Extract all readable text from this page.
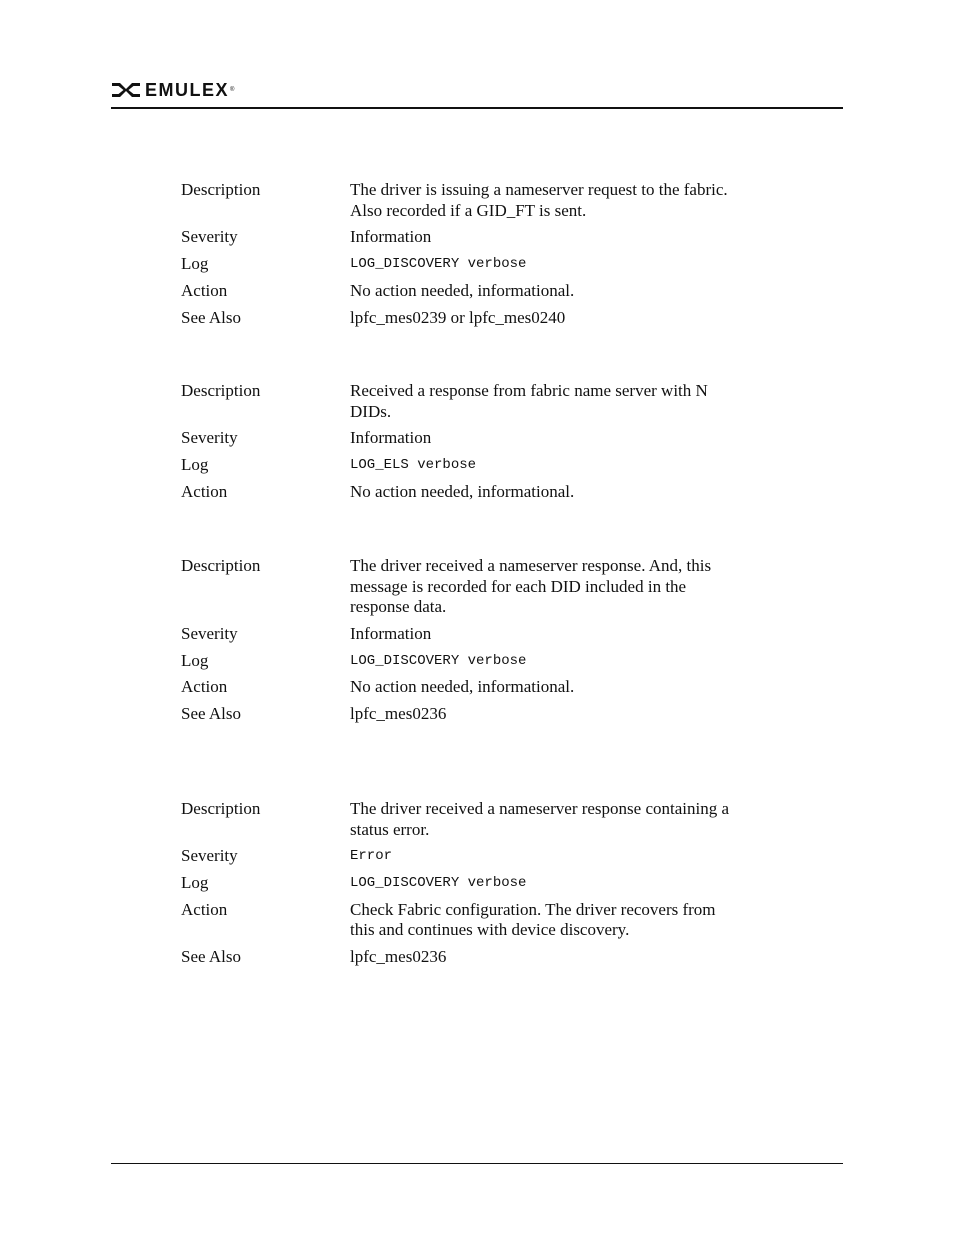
EMULEX ®
Description	The driver is issuing a nameserver request to the fabric. Also recorded if a GID_FT is sent.
Severity	Information
Log	LOG_DISCOVERY verbose
Action	No action needed, informational.
See Also	lpfc_mes0239 or lpfc_mes0240
Description	Received a response from fabric name server with N DIDs.
Severity	Information
Log	LOG_ELS verbose
Action	No action needed, informational.
Description	The driver received a nameserver response. And, this message is recorded for each DID included in the response data.
Severity	Information
Log	LOG_DISCOVERY verbose
Action	No action needed, informational.
See Also	lpfc_mes0236
Description	The driver received a nameserver response containing a status error.
Severity	Error
Log	LOG_DISCOVERY verbose
Action	Check Fabric configuration. The driver recovers from this and continues with device discovery.
See Also	lpfc_mes0236
